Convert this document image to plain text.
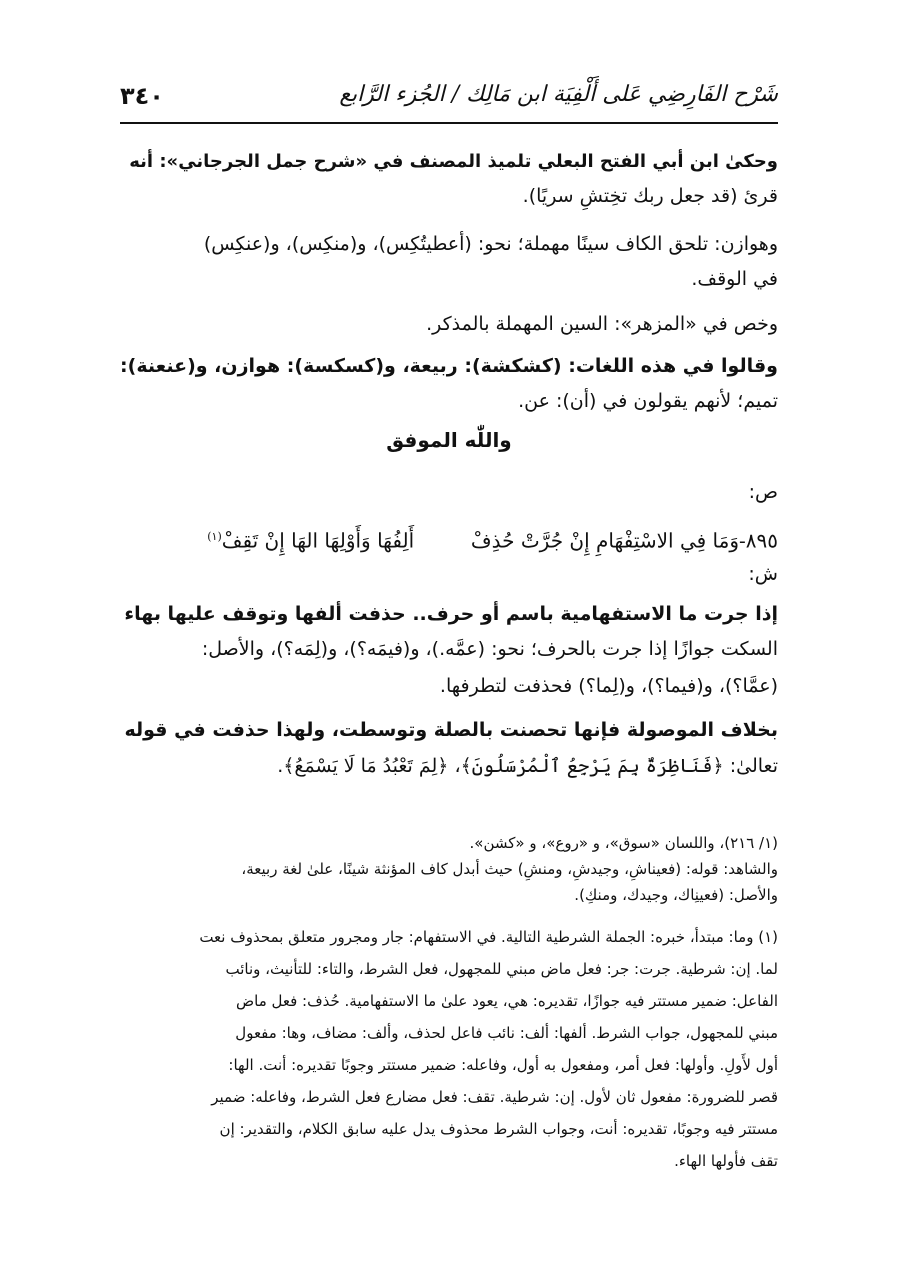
٣٤٠	شَرْح الفَارِضِي عَلى أَلْفِيَة ابن مَالِك / الجُزء الرَّابع
وحكىٰ ابن أبي الفتح البعلي تلميذ المصنف في «شرح جمل الجرجاني»: أنه
قرئ (قد جعل ربك تخِتشِ سريًا).
وهوازن: تلحق الكاف سينًا مهملة؛ نحو: (أعطيتُكِس)، و(منكِس)، و(عنكِس)
في الوقف.
وخص في «المزهر»: السين المهملة بالمذكر.
وقالوا في هذه اللغات: (كشكشة): ربيعة، و(كسكسة): هوازن، و(عنعنة):
تميم؛ لأنهم يقولون في (أن): عن.
واللّٰه الموفق
ص:
٨٩٥-وَمَا فِي الاسْتِفْهَامِ إِنْ جُرَّتْ حُذِفْ  أَلِفُهَا وَأَوْلِهَا الهَا إِنْ تَقِفْ$^{(١)}$
ش:
إذا جرت ما الاستفهامية باسم أو حرف.. حذفت ألفها وتوقف عليها بهاء
السكت جوازًا إذا جرت بالحرف؛ نحو: (عمَّه.)، و(فيمَه؟)، و(لِمَه؟)، والأصل:
(عمَّا؟)، و(فيما؟)، و(لِما؟) فحذفت لتطرفها.
بخلاف الموصولة فإنها تحصنت بالصلة وتوسطت، ولهذا حذفت في قوله
تعالىٰ: ﴿فَنَاظِرَةٌ بِمَ يَرْجِعُ ٱلْمُرْسَلُونَ﴾، ﴿لِمَ تَعْبُدُ مَا لَا يَسْمَعُ﴾.
(١/ ٢١٦)، واللسان «سوق»، و «روع»، و «كشن».
والشاهد: قوله: (فعيناشِ، وجيدشِ، ومنشِ) حيث أبدل كاف المؤنثة شينًا، علىٰ لغة ربيعة،
والأصل: (فعينِاك، وجيدك، ومنكِ).
(١) وما: مبتدأ، خبره: الجملة الشرطية التالية. في الاستفهام: جار ومجرور متعلق بمحذوف نعت
لما. إن: شرطية. جرت: جر: فعل ماض مبني للمجهول، فعل الشرط، والتاء: للتأنيث، ونائب
الفاعل: ضمير مستتر فيه جوازًا، تقديره: هي، يعود علىٰ ما الاستفهامية. حُذف: فعل ماض
مبني للمجهول، جواب الشرط. ألفها: ألف: نائب فاعل لحذف، وألف: مضاف، وها: مفعول
أول لأَولِ. وأولها: فعل أمر، ومفعول به أول، وفاعله: ضمير مستتر وجوبًا تقديره: أنت. الها:
قصر للضرورة: مفعول ثان لأول. إن: شرطية. تقف: فعل مضارع فعل الشرط، وفاعله: ضمير
مستتر فيه وجوبًا، تقديره: أنت، وجواب الشرط محذوف يدل عليه سابق الكلام، والتقدير: إن
تقف فأولها الهاء.
